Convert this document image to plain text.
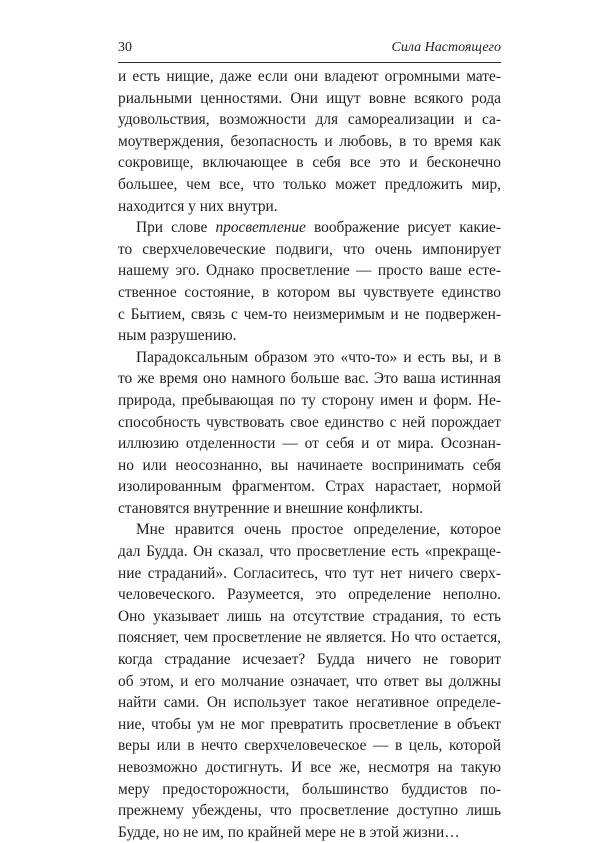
30	Сила Настоящего

и есть нищие, даже если они владеют огромными мате-
риальными ценностями. Они ищут вовне всякого рода
удовольствия, возможности для самореализации и са-
моутверждения, безопасность и любовь, в то время как
сокровище, включающее в себя все это и бесконечно
большее, чем все, что только может предложить мир,
находится у них внутри.

При слове просветление воображение рисует какие-
то сверхчеловеческие подвиги, что очень импонирует
нашему эго. Однако просветление — просто ваше есте-
ственное состояние, в котором вы чувствуете единство
с Бытием, связь с чем-то неизмеримым и не подвержен-
ным разрушению.

Парадоксальным образом это «что-то» и есть вы, и в
то же время оно намного больше вас. Это ваша истинная
природа, пребывающая по ту сторону имен и форм. Не-
способность чувствовать свое единство с ней порождает
иллюзию отделенности — от себя и от мира. Осознан-
но или неосознанно, вы начинаете воспринимать себя
изолированным фрагментом. Страх нарастает, нормой
становятся внутренние и внешние конфликты.

Мне нравится очень простое определение, которое
дал Будда. Он сказал, что просветление есть «прекраще-
ние страданий». Согласитесь, что тут нет ничего сверх-
человеческого. Разумеется, это определение неполно.
Оно указывает лишь на отсутствие страдания, то есть
поясняет, чем просветление не является. Но что остается,
когда страдание исчезает? Будда ничего не говорит
об этом, и его молчание означает, что ответ вы должны
найти сами. Он использует такое негативное определе-
ние, чтобы ум не мог превратить просветление в объект
веры или в нечто сверхчеловеческое — в цель, которой
невозможно достигнуть. И все же, несмотря на такую
меру предосторожности, большинство буддистов по-
прежнему убеждены, что просветление доступно лишь
Будде, но не им, по крайней мере не в этой жизни…
